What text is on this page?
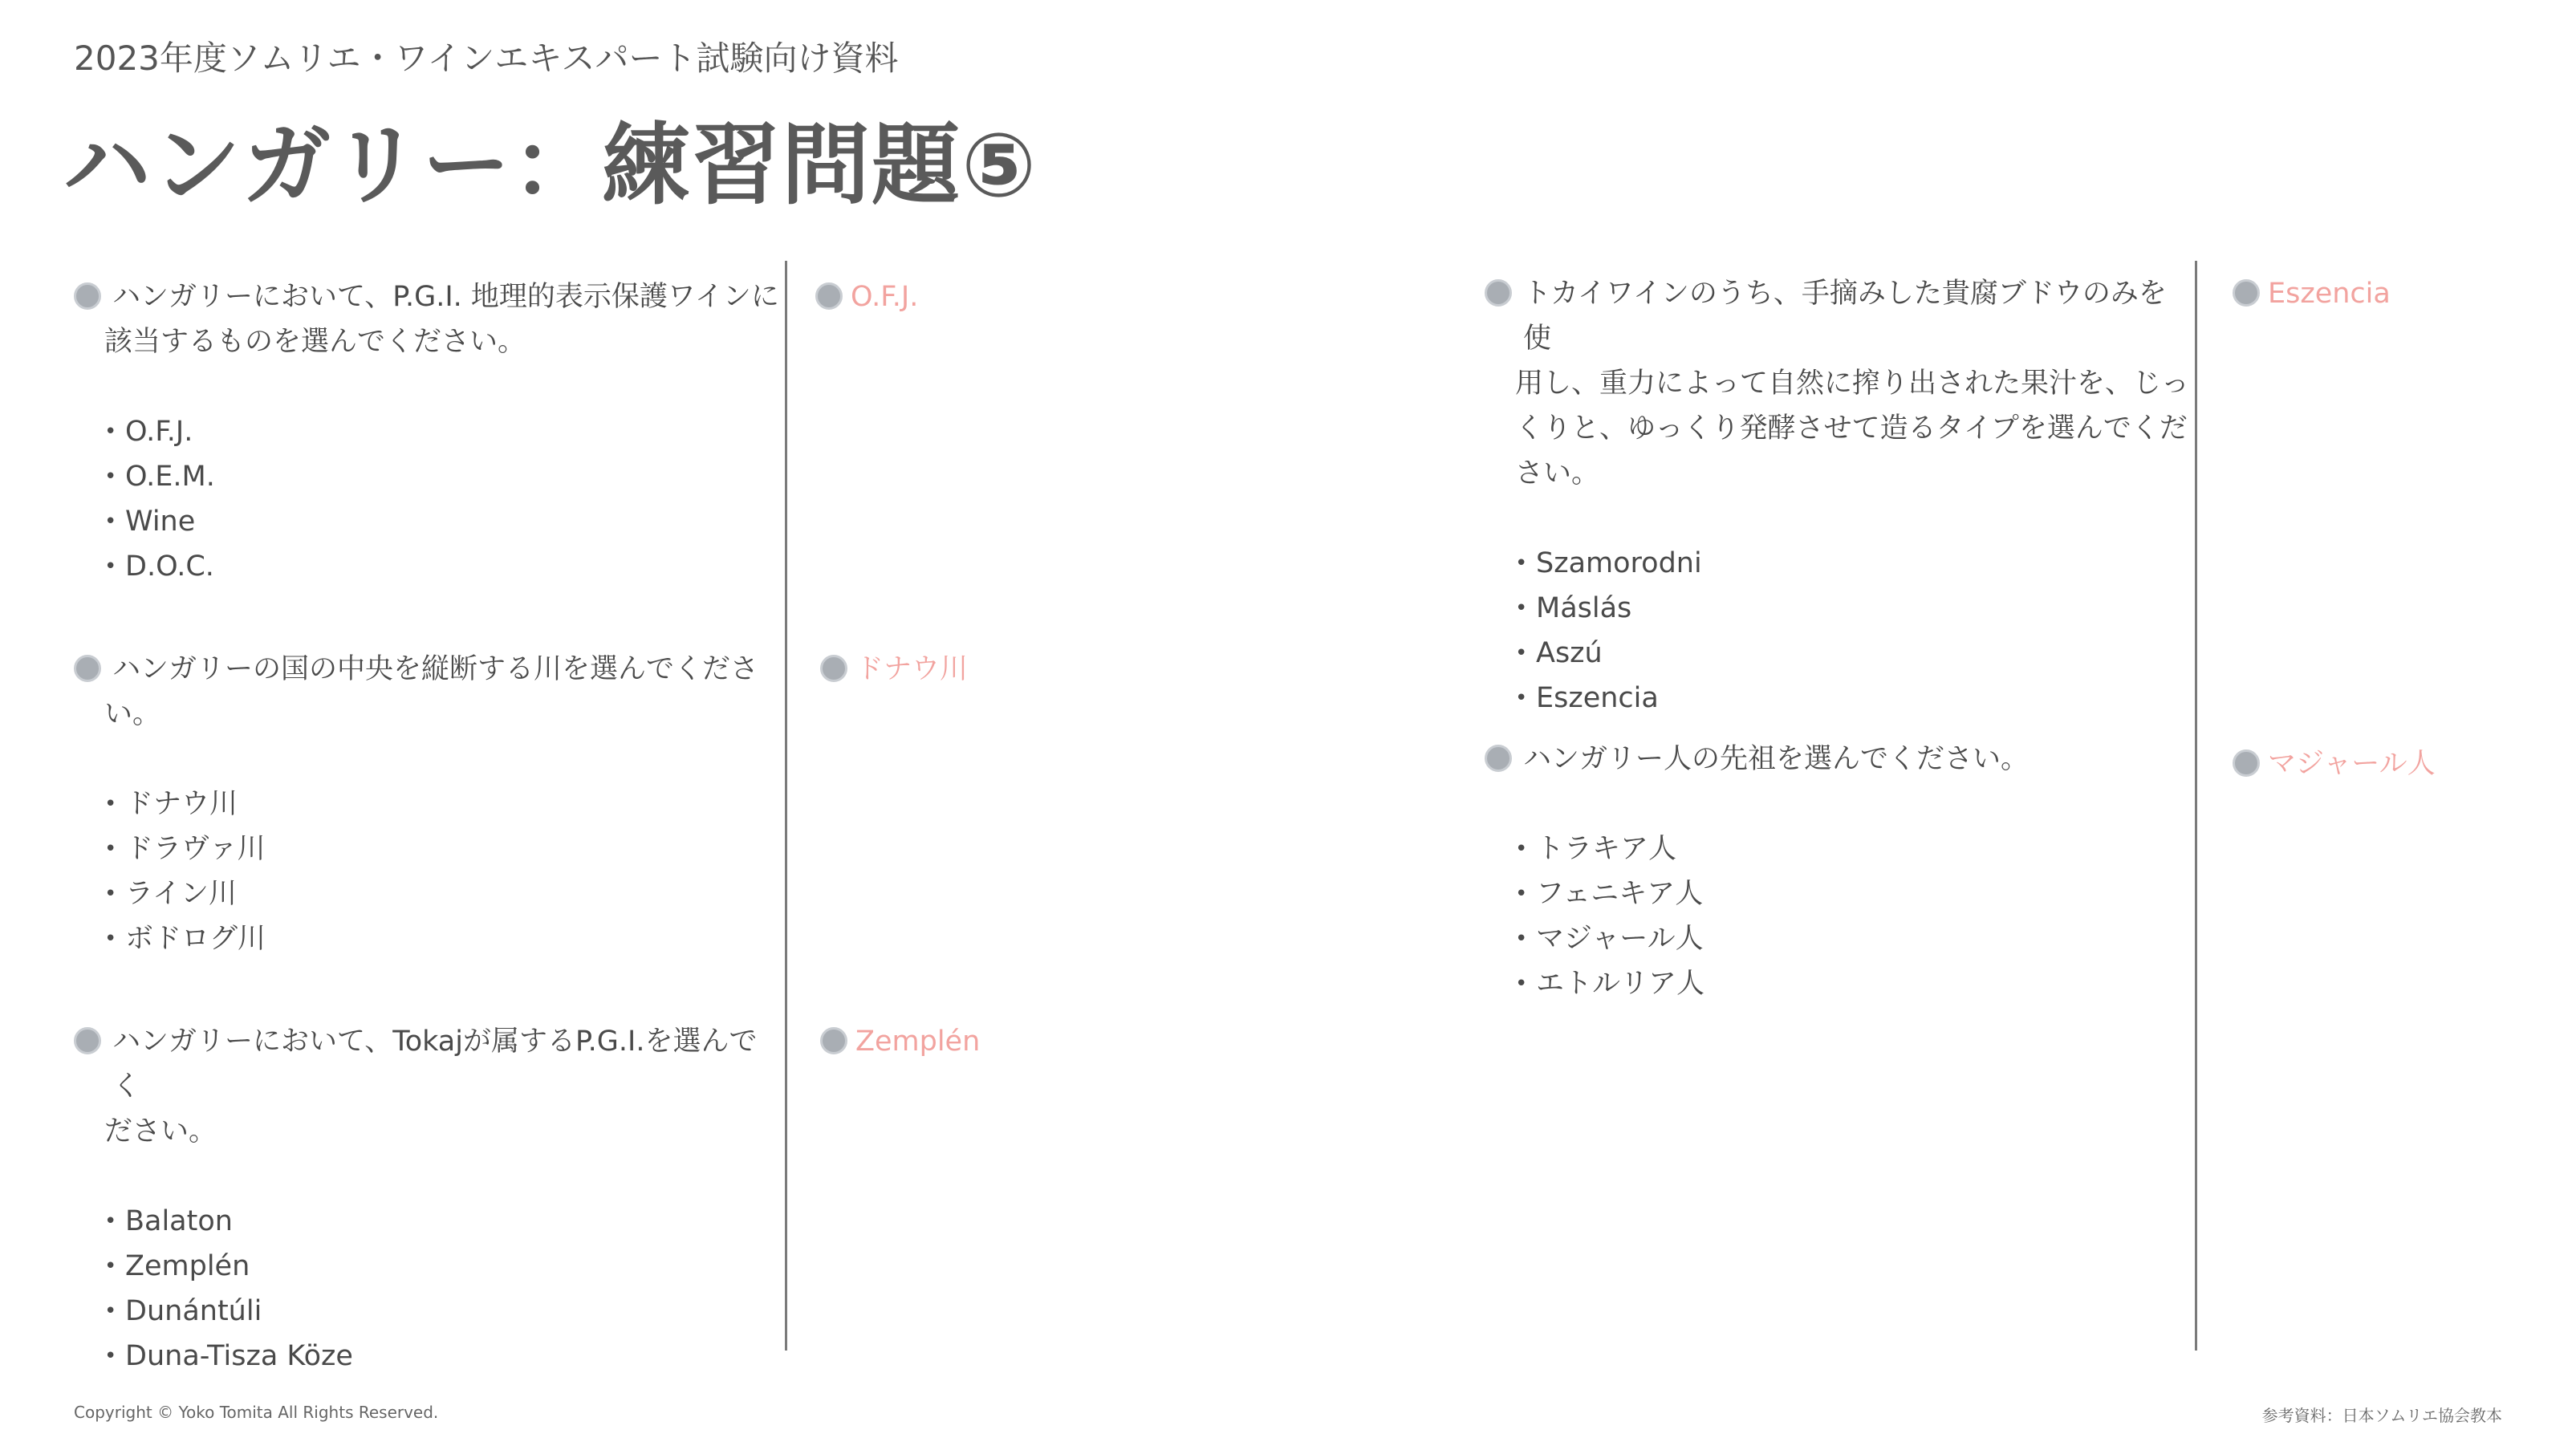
2023年度ソムリエ・ワインエキスパート試験向け資料
ハンガリー：練習問題⑤
ハンガリーにおいて、P.G.I. 地理的表示保護ワインに
該当するものを選んでください。
• O.F.J.
• O.E.M.
• Wine
• D.O.C.
O.F.J.
ハンガリーの国の中央を縦断する川を選んでくださ
い。
• ドナウ川
• ドラヴァ川
• ライン川
• ボドログ川
ドナウ川
ハンガリーにおいて、Tokajが属するP.G.I.を選んでく
ださい。
• Balaton
• Zemplén
• Dunántúli
• Duna-Tisza Köze
Zemplén
トカイワインのうち、手摘みした貴腐ブドウのみを使
用し、重力によって自然に搾り出された果汁を、じっ
くりと、ゆっくり発酵させて造るタイプを選んでくだ
さい。
• Szamorodni
• Máslás
• Aszú
• Eszencia
Eszencia
ハンガリー人の先祖を選んでください。
• トラキア人
• フェニキア人
• マジャール人
• エトルリア人
マジャール人
Copyright © Yoko Tomita All Rights Reserved.	参考資料：日本ソムリエ協会教本
